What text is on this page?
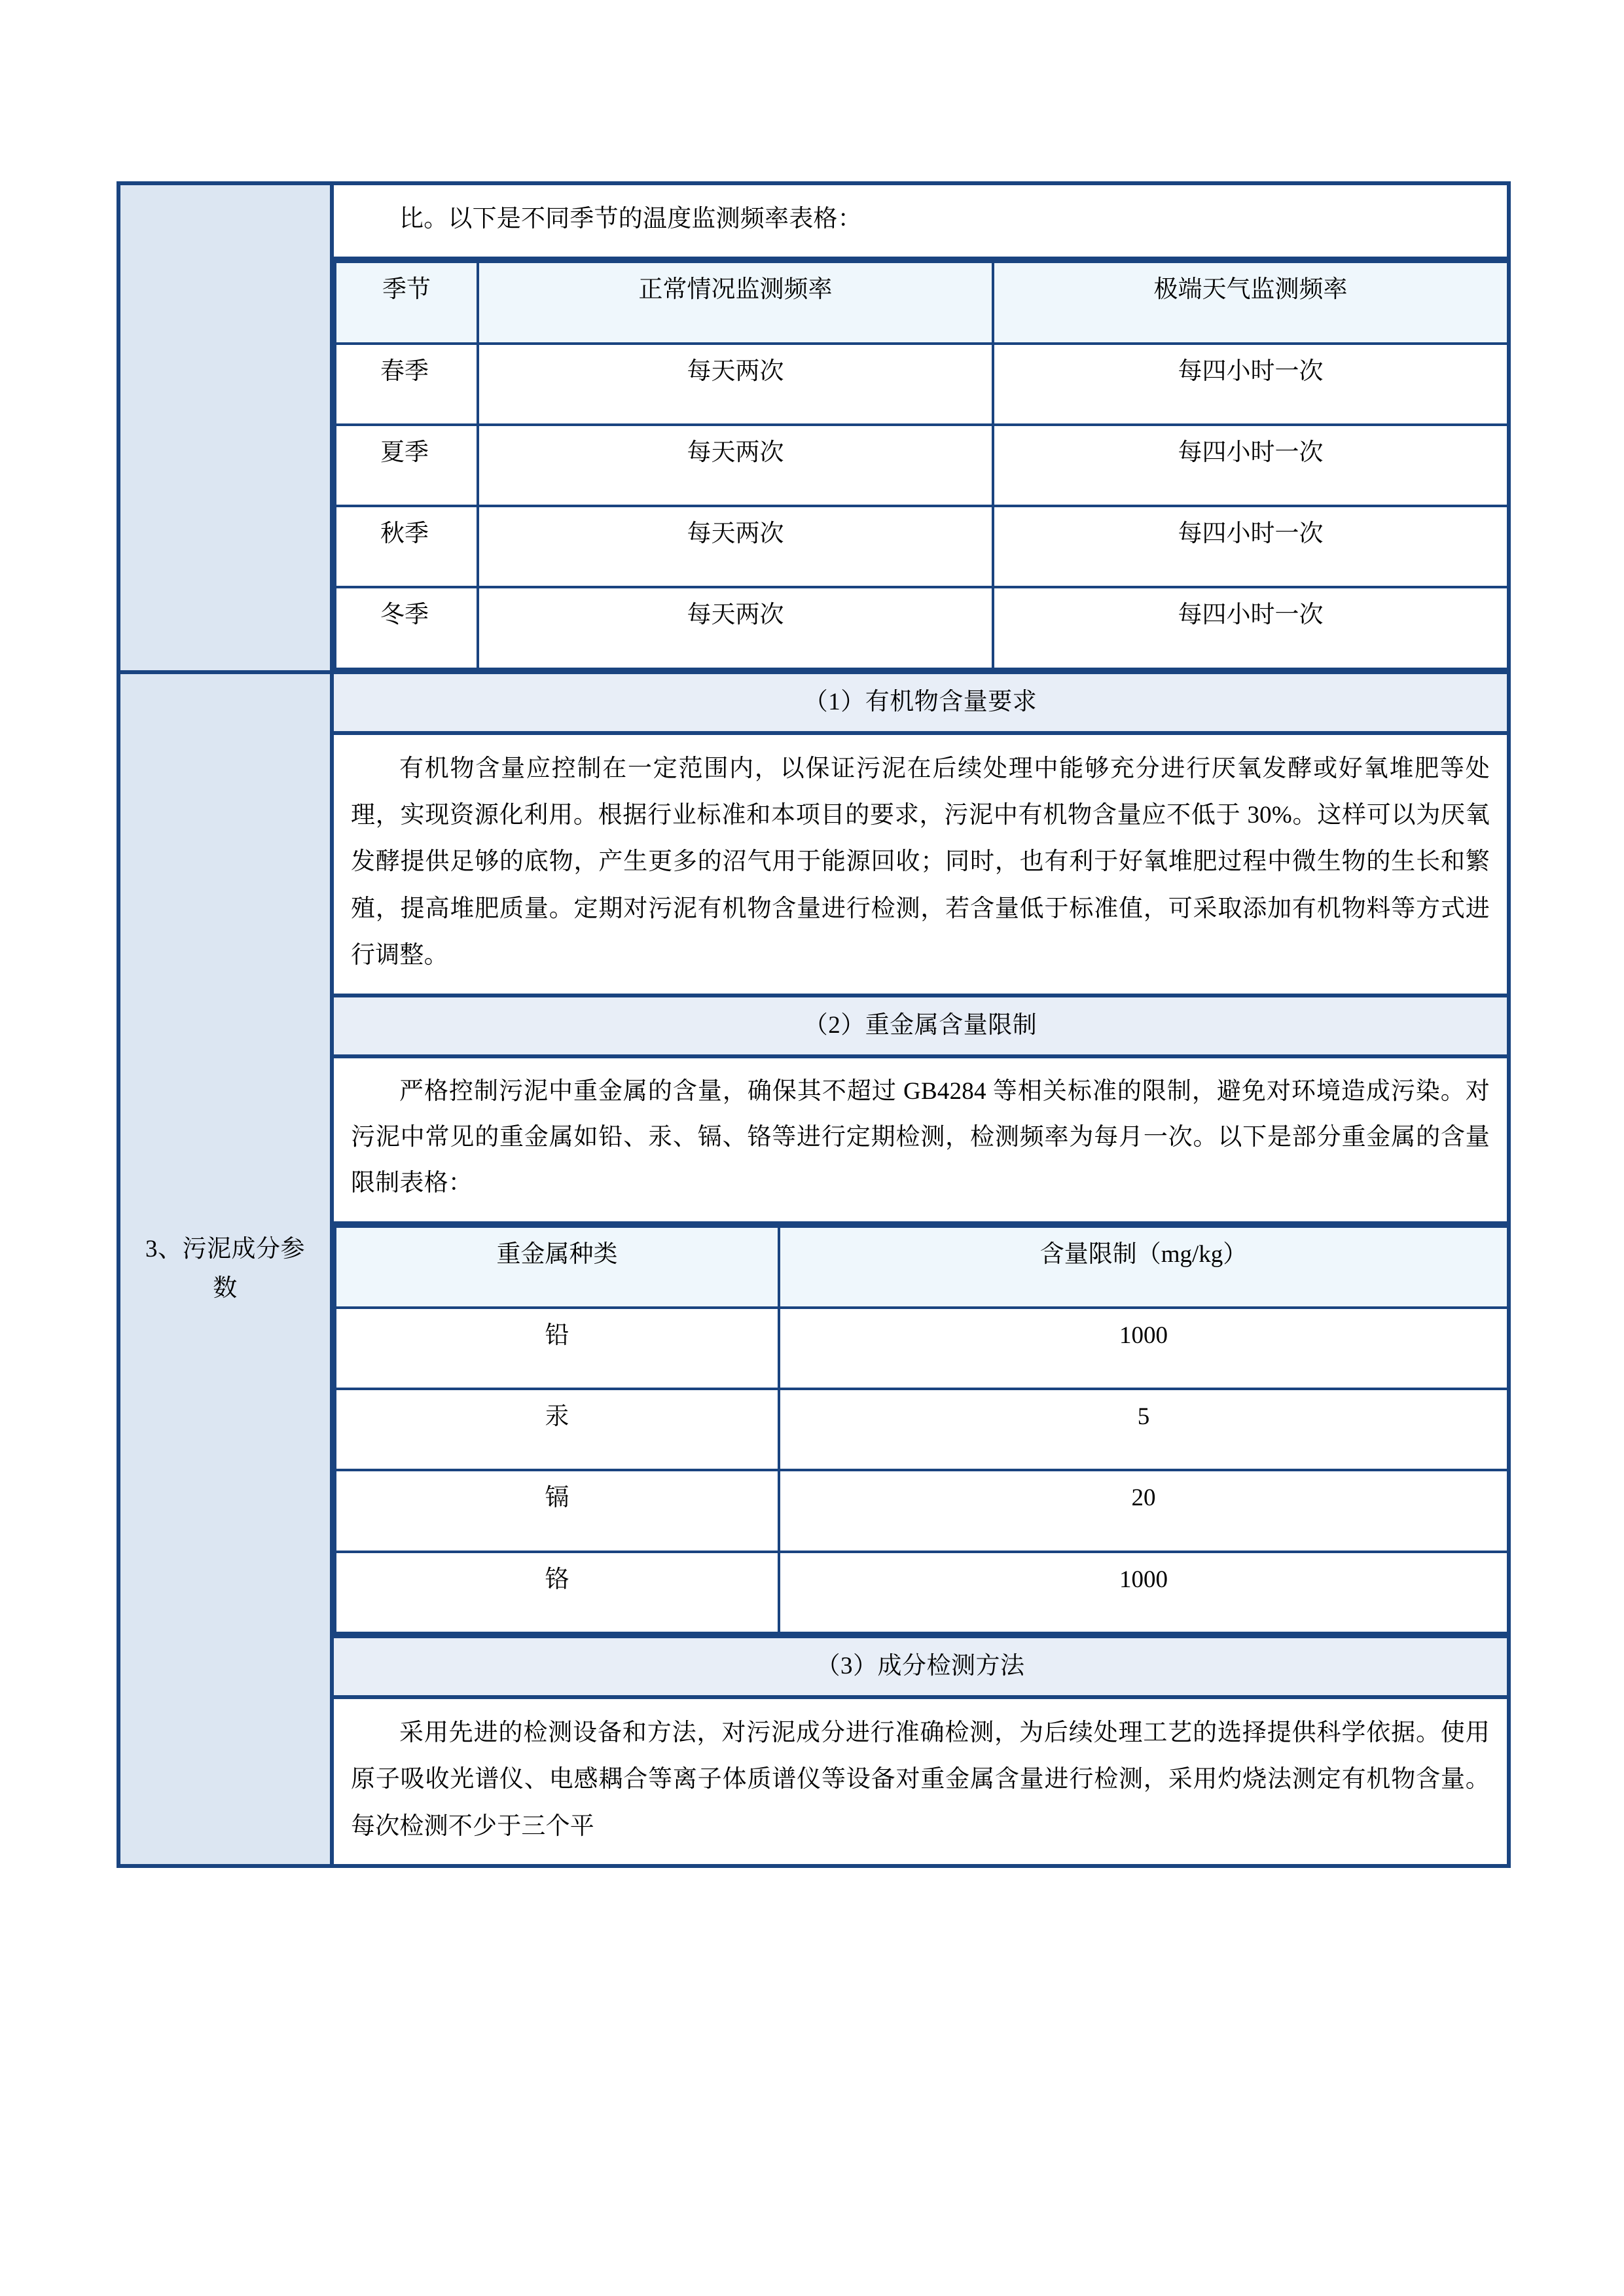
比。以下是不同季节的温度监测频率表格：

季节	正常情况监测频率	极端天气监测频率
春季	每天两次	每四小时一次
夏季	每天两次	每四小时一次
秋季	每天两次	每四小时一次
冬季	每天两次	每四小时一次

3、污泥成分参数

（1）有机物含量要求

有机物含量应控制在一定范围内，以保证污泥在后续处理中能够充分进行厌氧发酵或好氧堆肥等处理，实现资源化利用。根据行业标准和本项目的要求，污泥中有机物含量应不低于 30%。这样可以为厌氧发酵提供足够的底物，产生更多的沼气用于能源回收；同时，也有利于好氧堆肥过程中微生物的生长和繁殖，提高堆肥质量。定期对污泥有机物含量进行检测，若含量低于标准值，可采取添加有机物料等方式进行调整。

（2）重金属含量限制

严格控制污泥中重金属的含量，确保其不超过 GB4284 等相关标准的限制，避免对环境造成污染。对污泥中常见的重金属如铅、汞、镉、铬等进行定期检测，检测频率为每月一次。以下是部分重金属的含量限制表格：

重金属种类	含量限制（mg/kg）
铅	1000
汞	5
镉	20
铬	1000
（3）成分检测方法

采用先进的检测设备和方法，对污泥成分进行准确检测，为后续处理工艺的选择提供科学依据。使用原子吸收光谱仪、电感耦合等离子体质谱仪等设备对重金属含量进行检测，采用灼烧法测定有机物含量。每次检测不少于三个平
